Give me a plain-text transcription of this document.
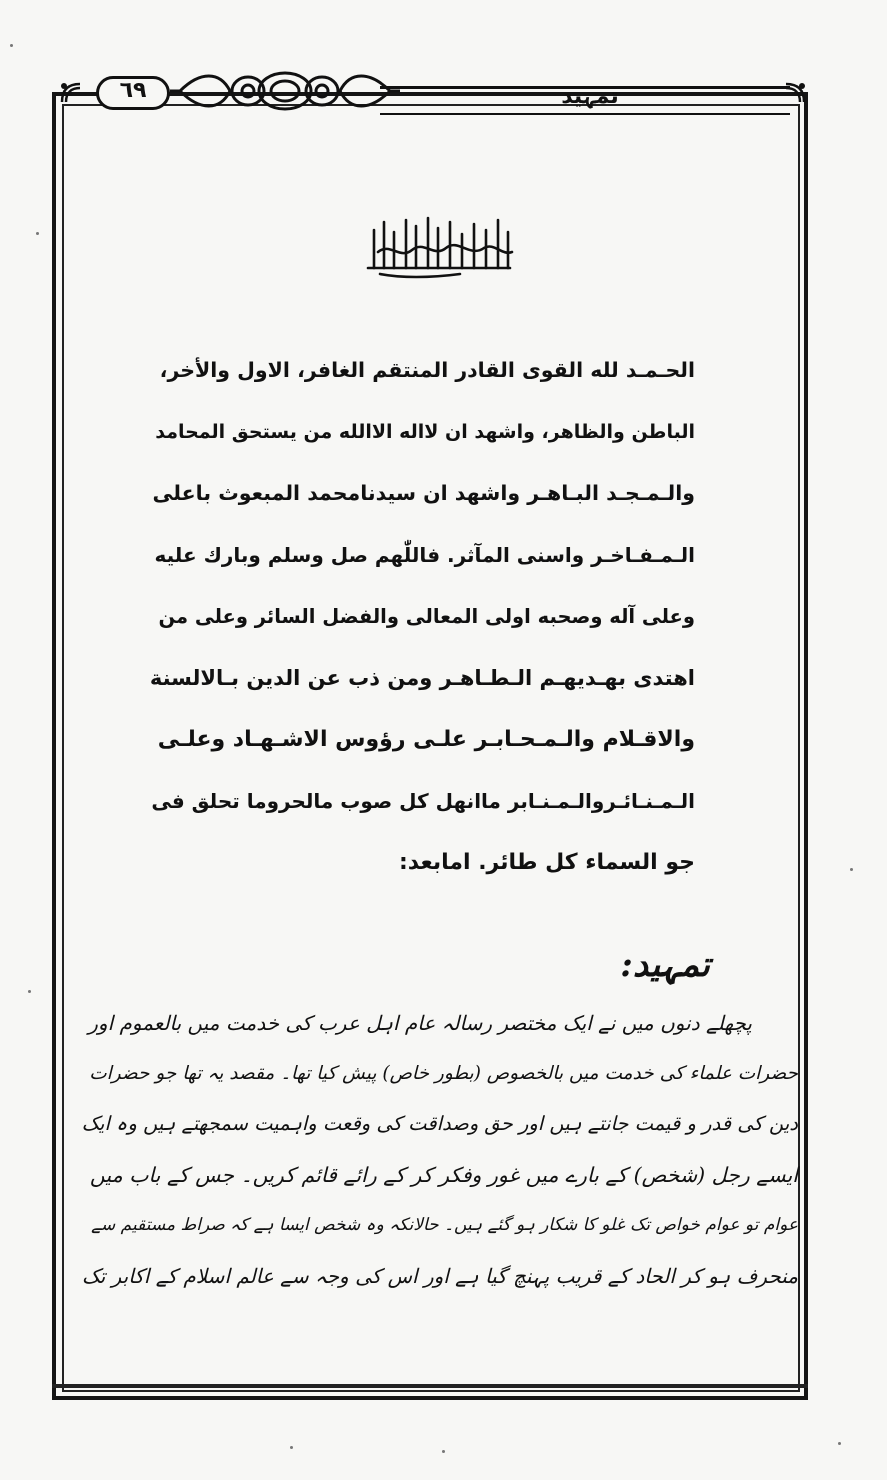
تمہید
٦٩
الحـمـد لله القوى القادر المنتقم الغافر، الاول والأخر،
الباطن والظاهر، واشهد ان لااله الاالله من يستحق المحامد
والـمـجـد البـاهـر واشهد ان سيدنامحمد المبعوث باعلى
الـمـفـاخـر واسنى المآثر. فاللّٰهم صل وسلم وبارك عليه
وعلى آله وصحبه اولى المعالى والفضل السائر وعلى من
اهتدى بهـديهـم الـطـاهـر ومن ذب عن الدين بـالالسنة
والاقـلام والـمـحـابـر علـى رؤوس الاشـهـاد وعلـى
الـمـنـائـروالـمـنـابر ماانهل كل صوب مالحروما تحلق فى
جو السماء كل طائر. امابعد:
تمہید:
پچھلے دنوں میں نے ایک مختصر رسالہ عام اہل عرب کی خدمت میں بالعموم اور
حضرات علماء کی خدمت میں بالخصوص (بطور خاص) پیش کیا تھا۔ مقصد یہ تھا جو حضرات
دین کی قدر و قیمت جانتے ہیں اور حق وصداقت کی وقعت واہمیت سمجھتے ہیں وہ ایک
ایسے رجل (شخص) کے بارے میں غور وفکر کر کے رائے قائم کریں۔ جس کے باب میں
عوام تو عوام خواص تک غلو کا شکار ہو گئے ہیں۔ حالانکہ وہ شخص ایسا ہے کہ صراط مستقیم سے
منحرف ہو کر الحاد کے قریب پہنچ گیا ہے اور اس کی وجہ سے عالم اسلام کے اکابر تک
